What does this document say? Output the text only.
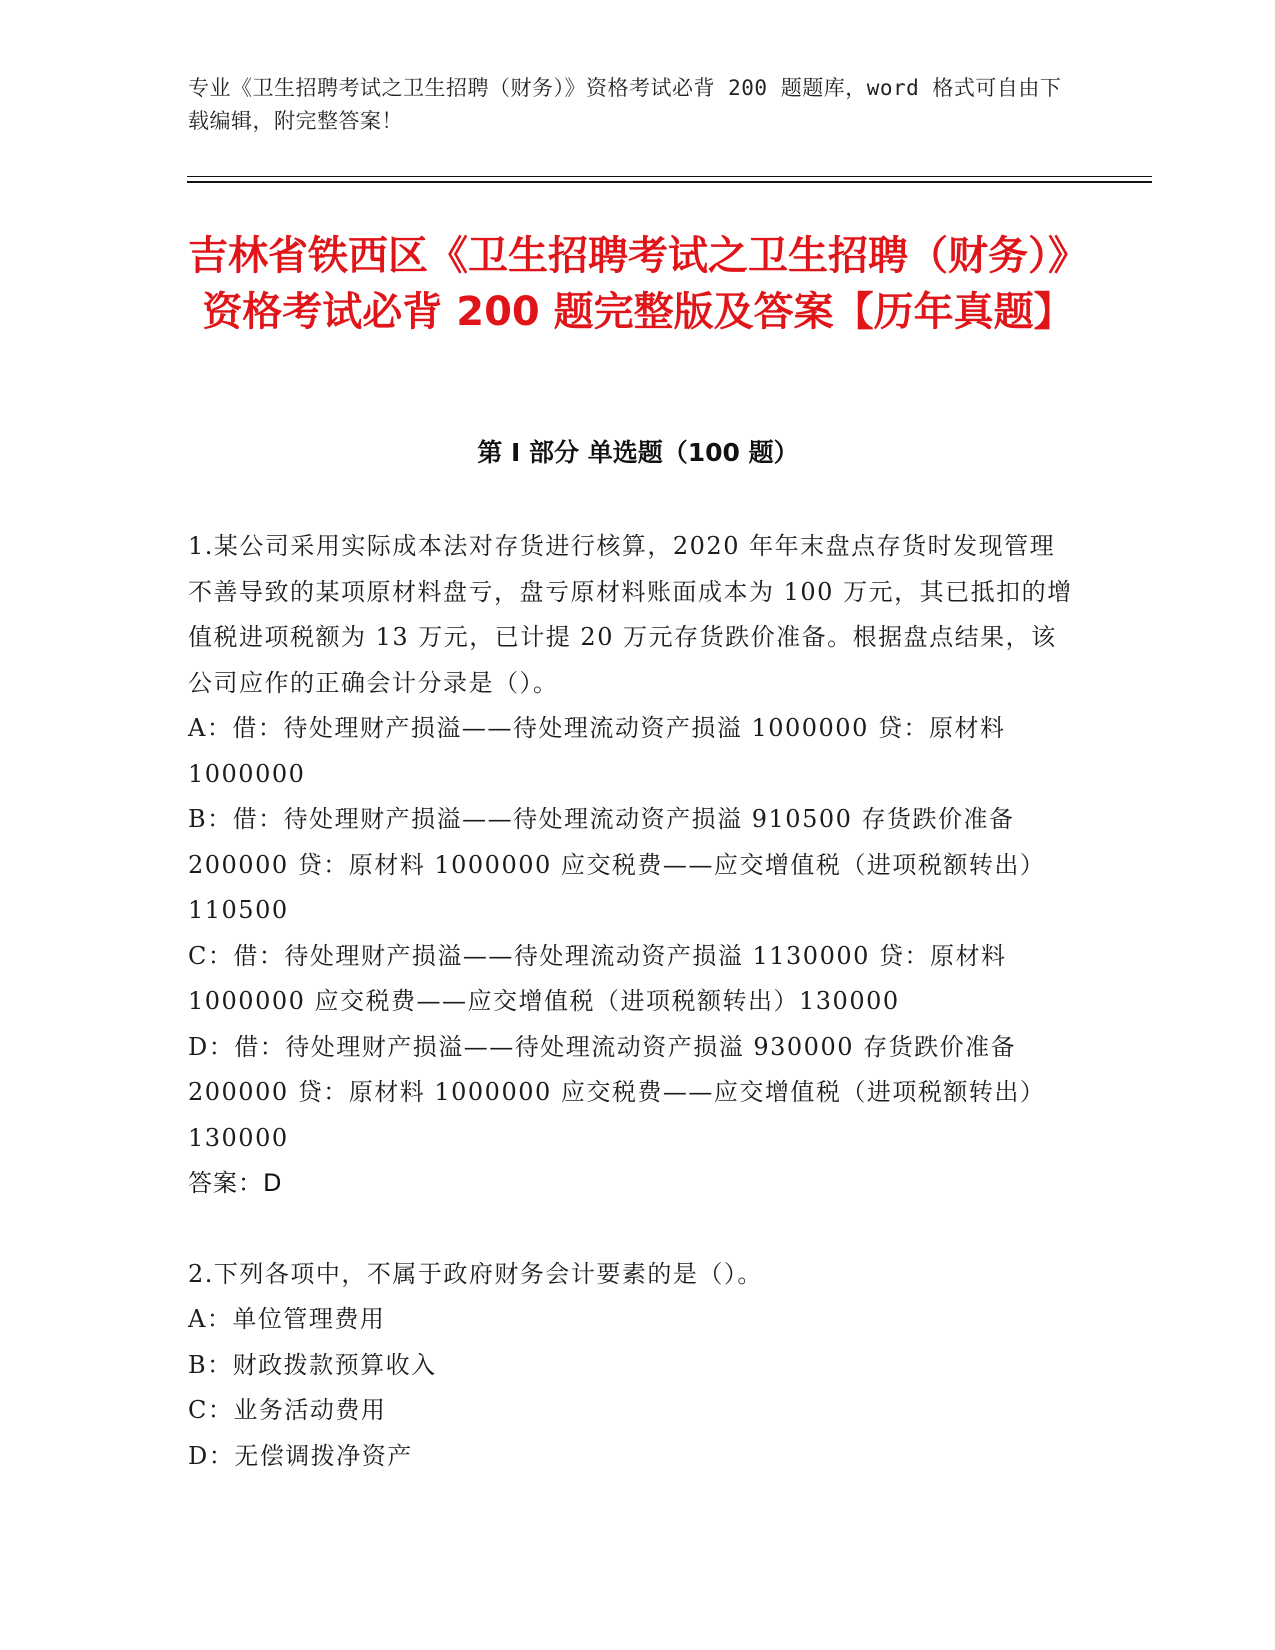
专业《卫生招聘考试之卫生招聘（财务）》资格考试必背 200 题题库，word 格式可自由下载编辑，附完整答案！
吉林省铁西区《卫生招聘考试之卫生招聘（财务）》资格考试必背 200 题完整版及答案【历年真题】
第 I 部分 单选题（100 题）

1.某公司采用实际成本法对存货进行核算，2020 年年末盘点存货时发现管理不善导致的某项原材料盘亏，盘亏原材料账面成本为 100 万元，其已抵扣的增值税进项税额为 13 万元，已计提 20 万元存货跌价准备。根据盘点结果，该公司应作的正确会计分录是（）。

A：借：待处理财产损溢——待处理流动资产损溢 1000000 贷：原材料 1000000

B：借：待处理财产损溢——待处理流动资产损溢 910500 存货跌价准备 200000 贷：原材料 1000000 应交税费——应交增值税（进项税额转出）110500

C：借：待处理财产损溢——待处理流动资产损溢 1130000 贷：原材料 1000000 应交税费——应交增值税（进项税额转出）130000

D：借：待处理财产损溢——待处理流动资产损溢 930000 存货跌价准备 200000 贷：原材料 1000000 应交税费——应交增值税（进项税额转出）130000

答案：D

2.下列各项中，不属于政府财务会计要素的是（）。

A：单位管理费用

B：财政拨款预算收入

C：业务活动费用

D：无偿调拨净资产
